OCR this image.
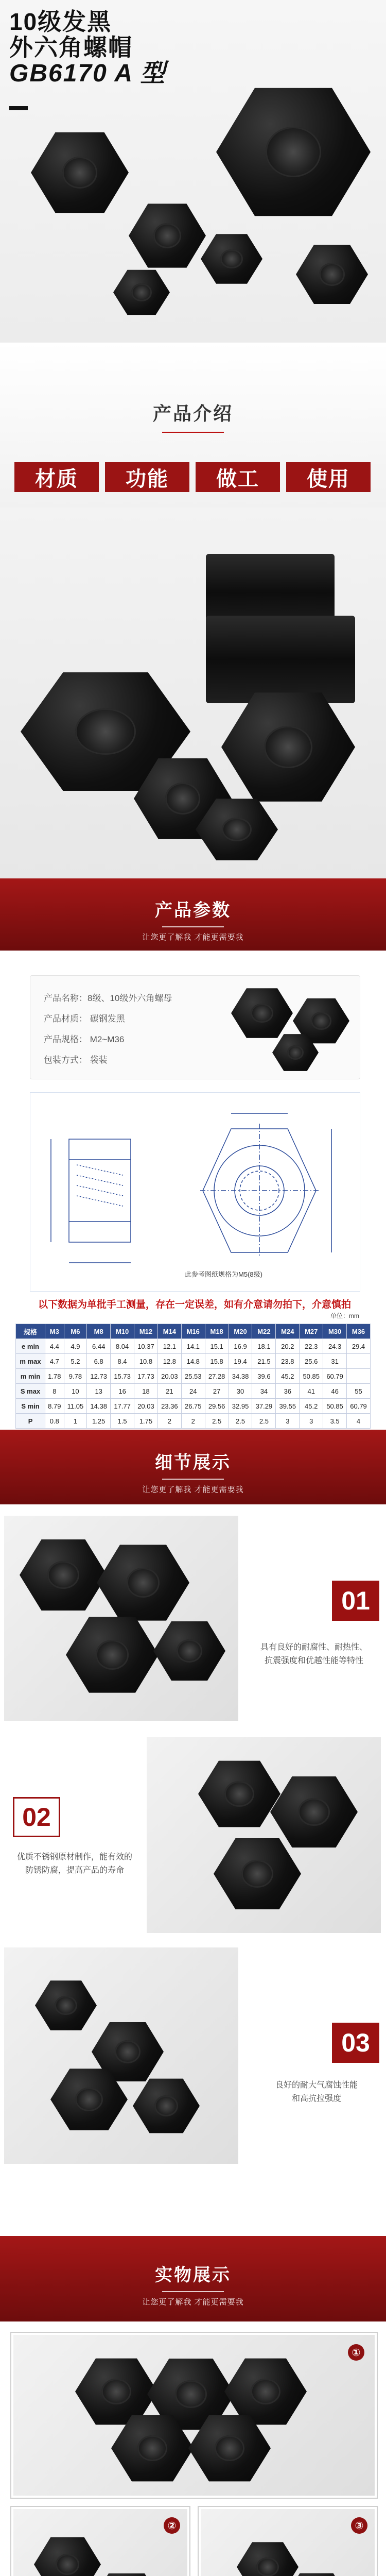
10级发黑
外六角螺帽
GB6170 A 型
产品介绍
材质	功能	做工	使用
产品参数
让您更了解我 才能更需要我
产品名称：8级、10级外六角螺母
产品材质： 碳钢发黑
产品规格： M2~M36
包装方式： 袋装
此参考图纸规格为M5(8级)
以下数据为单批手工测量，存在一定误差，如有介意请勿拍下，介意慎拍
单位：mm
规格	M3	M6	M8	M10	M12	M14	M16	M18	M20	M22	M24	M27	M30	M36
e min	4.4	4.9	6.44	8.04	10.37	12.1	14.1	15.1	16.9	18.1	20.2	22.3	24.3	29.4
m max	4.7	5.2	6.8	8.4	10.8	12.8	14.8	15.8	19.4	21.5	23.8	25.6	31	
m min	1.78	9.78	12.73	15.73	17.73	20.03	25.53	27.28	34.38	39.6	45.2	50.85	60.79	
S max	8	10	13	16	18	21	24	27	30	34	36	41	46	55
S min	8.79	11.05	14.38	17.77	20.03	23.36	26.75	29.56	32.95	37.29	39.55	45.2	50.85	60.79
P	0.8	1	1.25	1.5	1.75	2	2	2.5	2.5	2.5	3	3	3.5	4
细节展示
让您更了解我 才能更需要我
01
具有良好的耐腐性、耐热性、
抗震强度和优越性能等特性
02
优质不锈钢原材制作，能有效的
防锈防腐，提高产品的寿命
03
良好的耐大气腐蚀性能
和高抗拉强度
实物展示
让您更了解我 才能更需要我
①
②	③
